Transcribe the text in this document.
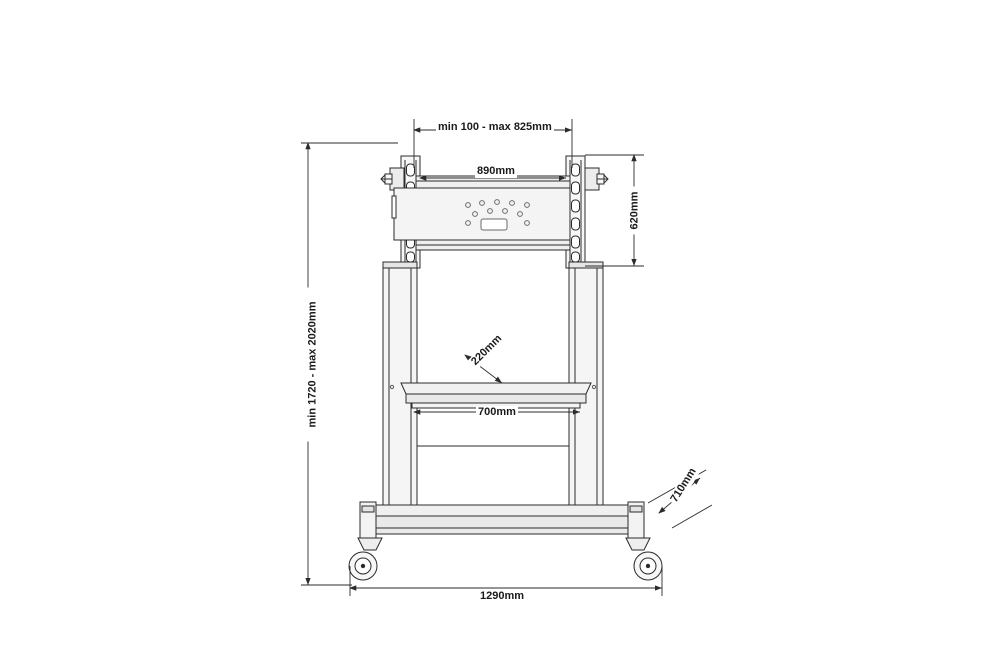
min 100 - max 825mm
890mm
620mm
min 1720 - max 2020mm	220mm
700mm
710mm
1290mm
